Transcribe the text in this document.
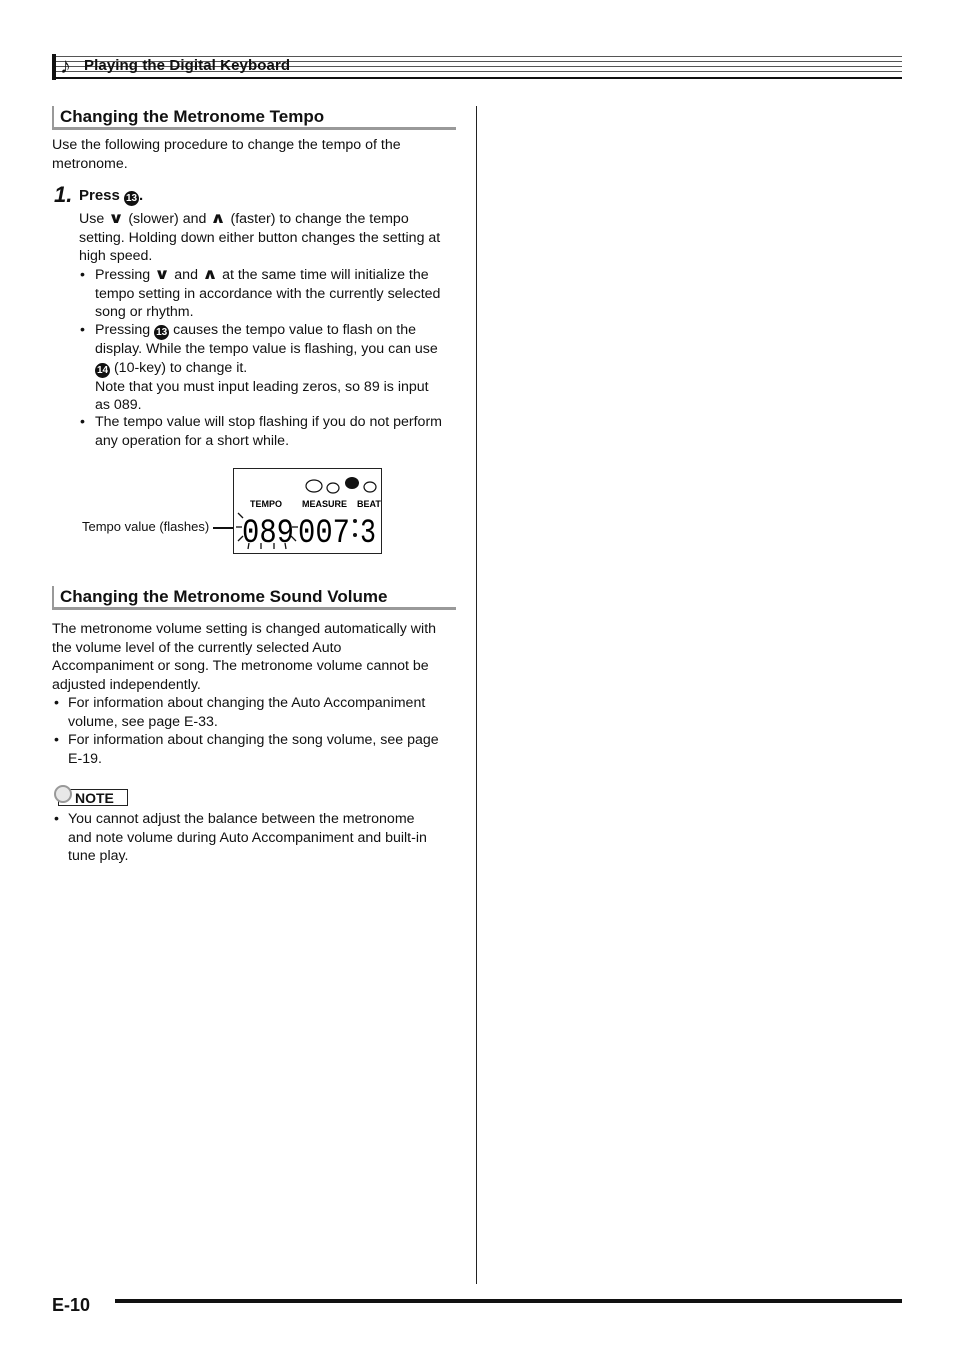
♪ Playing the Digital Keyboard
Changing the Metronome Tempo
Use the following procedure to change the tempo of the
metronome.
1. Press 13 .
Use ∨ (slower) and ∧ (faster) to change the tempo
setting. Holding down either button changes the setting at
high speed.
• Pressing ∨ and ∧ at the same time will initialize the
tempo setting in accordance with the currently selected
song or rhythm.
• Pressing 13 causes the tempo value to flash on the
display. While the tempo value is flashing, you can use
14 (10-key) to change it.
Note that you must input leading zeros, so 89 is input
as 089.
• The tempo value will stop flashing if you do not perform
any operation for a short while.
Tempo value (flashes)
TEMPO MEASURE BEAT
089 007 3
Changing the Metronome Sound Volume
The metronome volume setting is changed automatically with
the volume level of the currently selected Auto
Accompaniment or song. The metronome volume cannot be
adjusted independently.
• For information about changing the Auto Accompaniment
volume, see page E-33.
• For information about changing the song volume, see page
E-19.
NOTE
• You cannot adjust the balance between the metronome
and note volume during Auto Accompaniment and built-in
tune play.
E-10
